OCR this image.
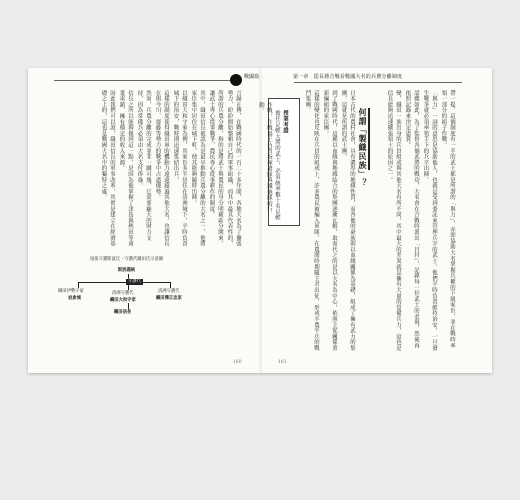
戰國篇	第一章　從長篠合戰看戰國大名的兵農分離制度
帶一提，這個制度有一半的武士都是所謂的「與力」，亦即協助大名掌握兵權的下級家臣，並在戰時率領一部分的組子作戰。
「與力」一詞的意思是協助他人，也就是受到委託來管理兵卒的武士。他們平時負責維持治安，一旦發生戰爭就必須率領手下的兵卒出陣。
話雖如此，為了監督各個武將的戰功，大名會在合戰時派出「目付」，記錄每一位武士的表現，然後再依照記錄來決定恩賞。
變，織田一族出身的兵員組成與其他大名有所不同，其中最大的差異就是擁有大量的常備兵力，這也是信長能夠迅速擴張領土的原因之一。
何謂「製織民族」？
日本古代的農村社會，具有濃厚的地緣性質，而各地的豪族則以血緣關係為基礎，組成了擁有武力的集團，這就是所謂的武士團。
到了戰國時代，這種以血緣與地緣結合的集團逐漸瓦解，取而代之的是以大名為中心，依照主從關係重新編組的家臣團。
這樣的變化也反映在兵員的組成上，許多農民被編入軍隊，在農閒時期隨主君出征，形成半農半兵的戰鬥集團。

授業考證
擔任足輕大將的武士，必須統率數十名足輕作戰，在戰場上負責指揮槍隊與鐵砲隊的行動。

161
言歸正傳，在戰國時代的一百二十多年間，各地大名為了擴張勢力，紛紛開始整頓自己的軍事組織，而其中最具代表性的，
所謂的兵農分離，指的是將武士與農民的身分明確區分開來，讓武士專心從事戰爭，農民專心從事耕作的制度。
其中，織田信長被認為是最早推動兵農分離的大名之一，他將家臣集中居住在城下町，使其能夠隨時出陣。
以織田大和守家為例，其家臣多半居住在清洲城下，平時負責城下的治安，戰時則迅速集結出兵。
這樣的制度使得織田軍的機動力遠遠超過其他大名，也讓信長在與今川、齋藤等勢力的戰爭中占盡優勢。
然而，兵農分離的完成並非一蹴可幾，它需要龐大的財力支持，因為常備兵必須由大名支付俸祿。
信長之所以能夠做到這一點，是因為他掌握了津島與熱田等商業重鎮，擁有穩定的收入來源。
因此我們可以說，織田信長的軍事改革，其實是建立在經濟基礎之上的，這也是戰國大名中的獨特之處。
尾張守護斯波氏・守護代織田氏示意圖
斯波義統
守護代
織田伊勢守家
岩倉城
清洲守護代
織田大和守家
清洲守護代
織田彈正忠家
織田信長
160
